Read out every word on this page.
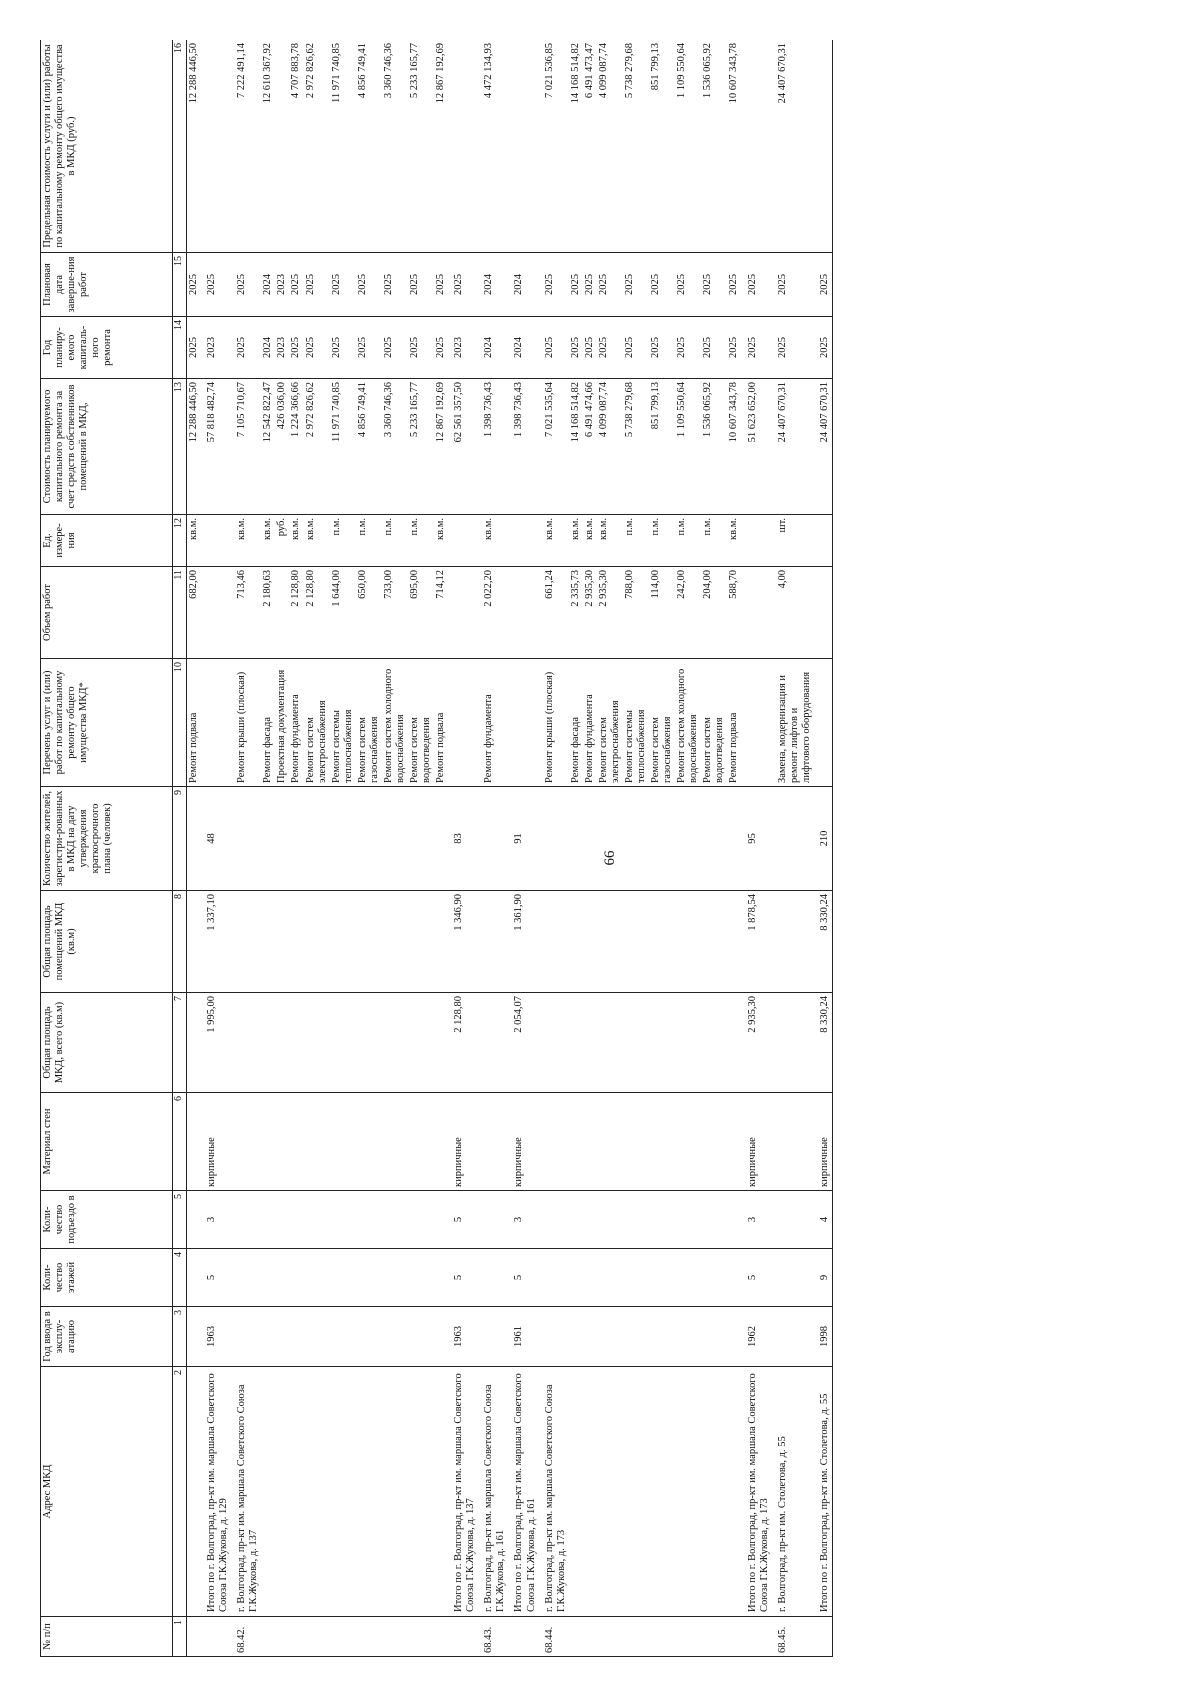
66
№ п/п	Адрес МКД	Год ввода в эксплу-атацию	Коли-чество этажей	Коли-чество подъездо в	Материал стен	Общая площадь МКД, всего (кв.м)	Общая площадь помещений МКД (кв.м)	Количество жителей, зарегистри-рованных в МКД на дату утверждения краткосрочного плана (человек)	Перечень услуг и (или) работ по капитальному ремонту общего имущества МКД*	Объем работ	Ед. измере-ния	Стоимость планируемого капитального ремонта за счет средств собственников помещений в МКД,	Год планиру-емого капиталь-ного ремонта	Плановая дата заверше-ния работ	Предельная стоимость услуги и (или) работы по капитальному ремонту общего имущества в МКД (руб.)
1	2	3	4	5	6	7	8	9	10	11	12	13	14	15	16
									Ремонт подвала	682,00	кв.м.	12 288 446,50	2025	2025	12 288 446,50
	Итого по г. Волгоград, пр-кт им. маршала Советского Союза Г.К.Жукова, д. 129	1963	5	3	кирпичные	1 995,00	1 337,10	48				57 818 482,74	2023	2025	
68.42.	г. Волгоград, пр-кт им. маршала Советского Союза Г.К.Жукова, д. 137								Ремонт крыши (плоская)	713,46	кв.м.	7 105 710,67	2025	2025	7 222 491,14
									Ремонт фасада	2 180,63	кв.м.	12 542 822,47	2024	2024	12 610 367,92
									Проектная документация		руб.	426 036,00	2023	2023	
									Ремонт фундамента	2 128,80	кв.м.	1 224 366,66	2025	2025	4 707 883,78
									Ремонт систем электроснабжения	2 128,80	кв.м.	2 972 826,62	2025	2025	2 972 826,62
									Ремонт системы теплоснабжения	1 644,00	п.м.	11 971 740,85	2025	2025	11 971 740,85
									Ремонт систем газоснабжения	650,00	п.м.	4 856 749,41	2025	2025	4 856 749,41
									Ремонт систем холодного водоснабжения	733,00	п.м.	3 360 746,36	2025	2025	3 360 746,36
									Ремонт систем водоотведения	695,00	п.м.	5 233 165,77	2025	2025	5 233 165,77
									Ремонт подвала	714,12	кв.м.	12 867 192,69	2025	2025	12 867 192,69
	Итого по г. Волгоград, пр-кт им. маршала Советского Союза Г.К.Жукова, д. 137	1963	5	5	кирпичные	2 128,80	1 346,90	83				62 561 357,50	2023	2025	
68.43.	г. Волгоград, пр-кт им. маршала Советского Союза Г.К.Жукова, д. 161								Ремонт фундамента	2 022,20	кв.м.	1 398 736,43	2024	2024	4 472 134,93
	Итого по г. Волгоград, пр-кт им. маршала Советского Союза Г.К.Жукова, д. 161	1961	5	3	кирпичные	2 054,07	1 361,90	91				1 398 736,43	2024	2024	
68.44.	г. Волгоград, пр-кт им. маршала Советского Союза Г.К.Жукова, д. 173								Ремонт крыши (плоская)	661,24	кв.м.	7 021 535,64	2025	2025	7 021 536,85
									Ремонт фасада	2 335,73	кв.м.	14 168 514,82	2025	2025	14 168 514,82
									Ремонт фундамента	2 935,30	кв.м.	6 491 474,66	2025	2025	6 491 473,47
									Ремонт систем электроснабжения	2 935,30	кв.м.	4 099 087,74	2025	2025	4 099 087,74
									Ремонт системы теплоснабжения	788,00	п.м.	5 738 279,68	2025	2025	5 738 279,68
									Ремонт систем газоснабжения	114,00	п.м.	851 799,13	2025	2025	851 799,13
									Ремонт систем холодного водоснабжения	242,00	п.м.	1 109 550,64	2025	2025	1 109 550,64
									Ремонт систем водоотведения	204,00	п.м.	1 536 065,92	2025	2025	1 536 065,92
									Ремонт подвала	588,70	кв.м.	10 607 343,78	2025	2025	10 607 343,78
	Итого по г. Волгоград, пр-кт им. маршала Советского Союза Г.К.Жукова, д. 173	1962	5	3	кирпичные	2 935,30	1 878,54	95				51 623 652,00	2025	2025	
68.45.	г. Волгоград, пр-кт им. Столетова, д. 55								Замена, модернизация и ремонт лифтов и лифтового оборудования	4,00	шт.	24 407 670,31	2025	2025	24 407 670,31
	Итого по г. Волгоград, пр-кт им. Столетова, д. 55	1998	9	4	кирпичные	8 330,24	8 330,24	210				24 407 670,31	2025	2025	
